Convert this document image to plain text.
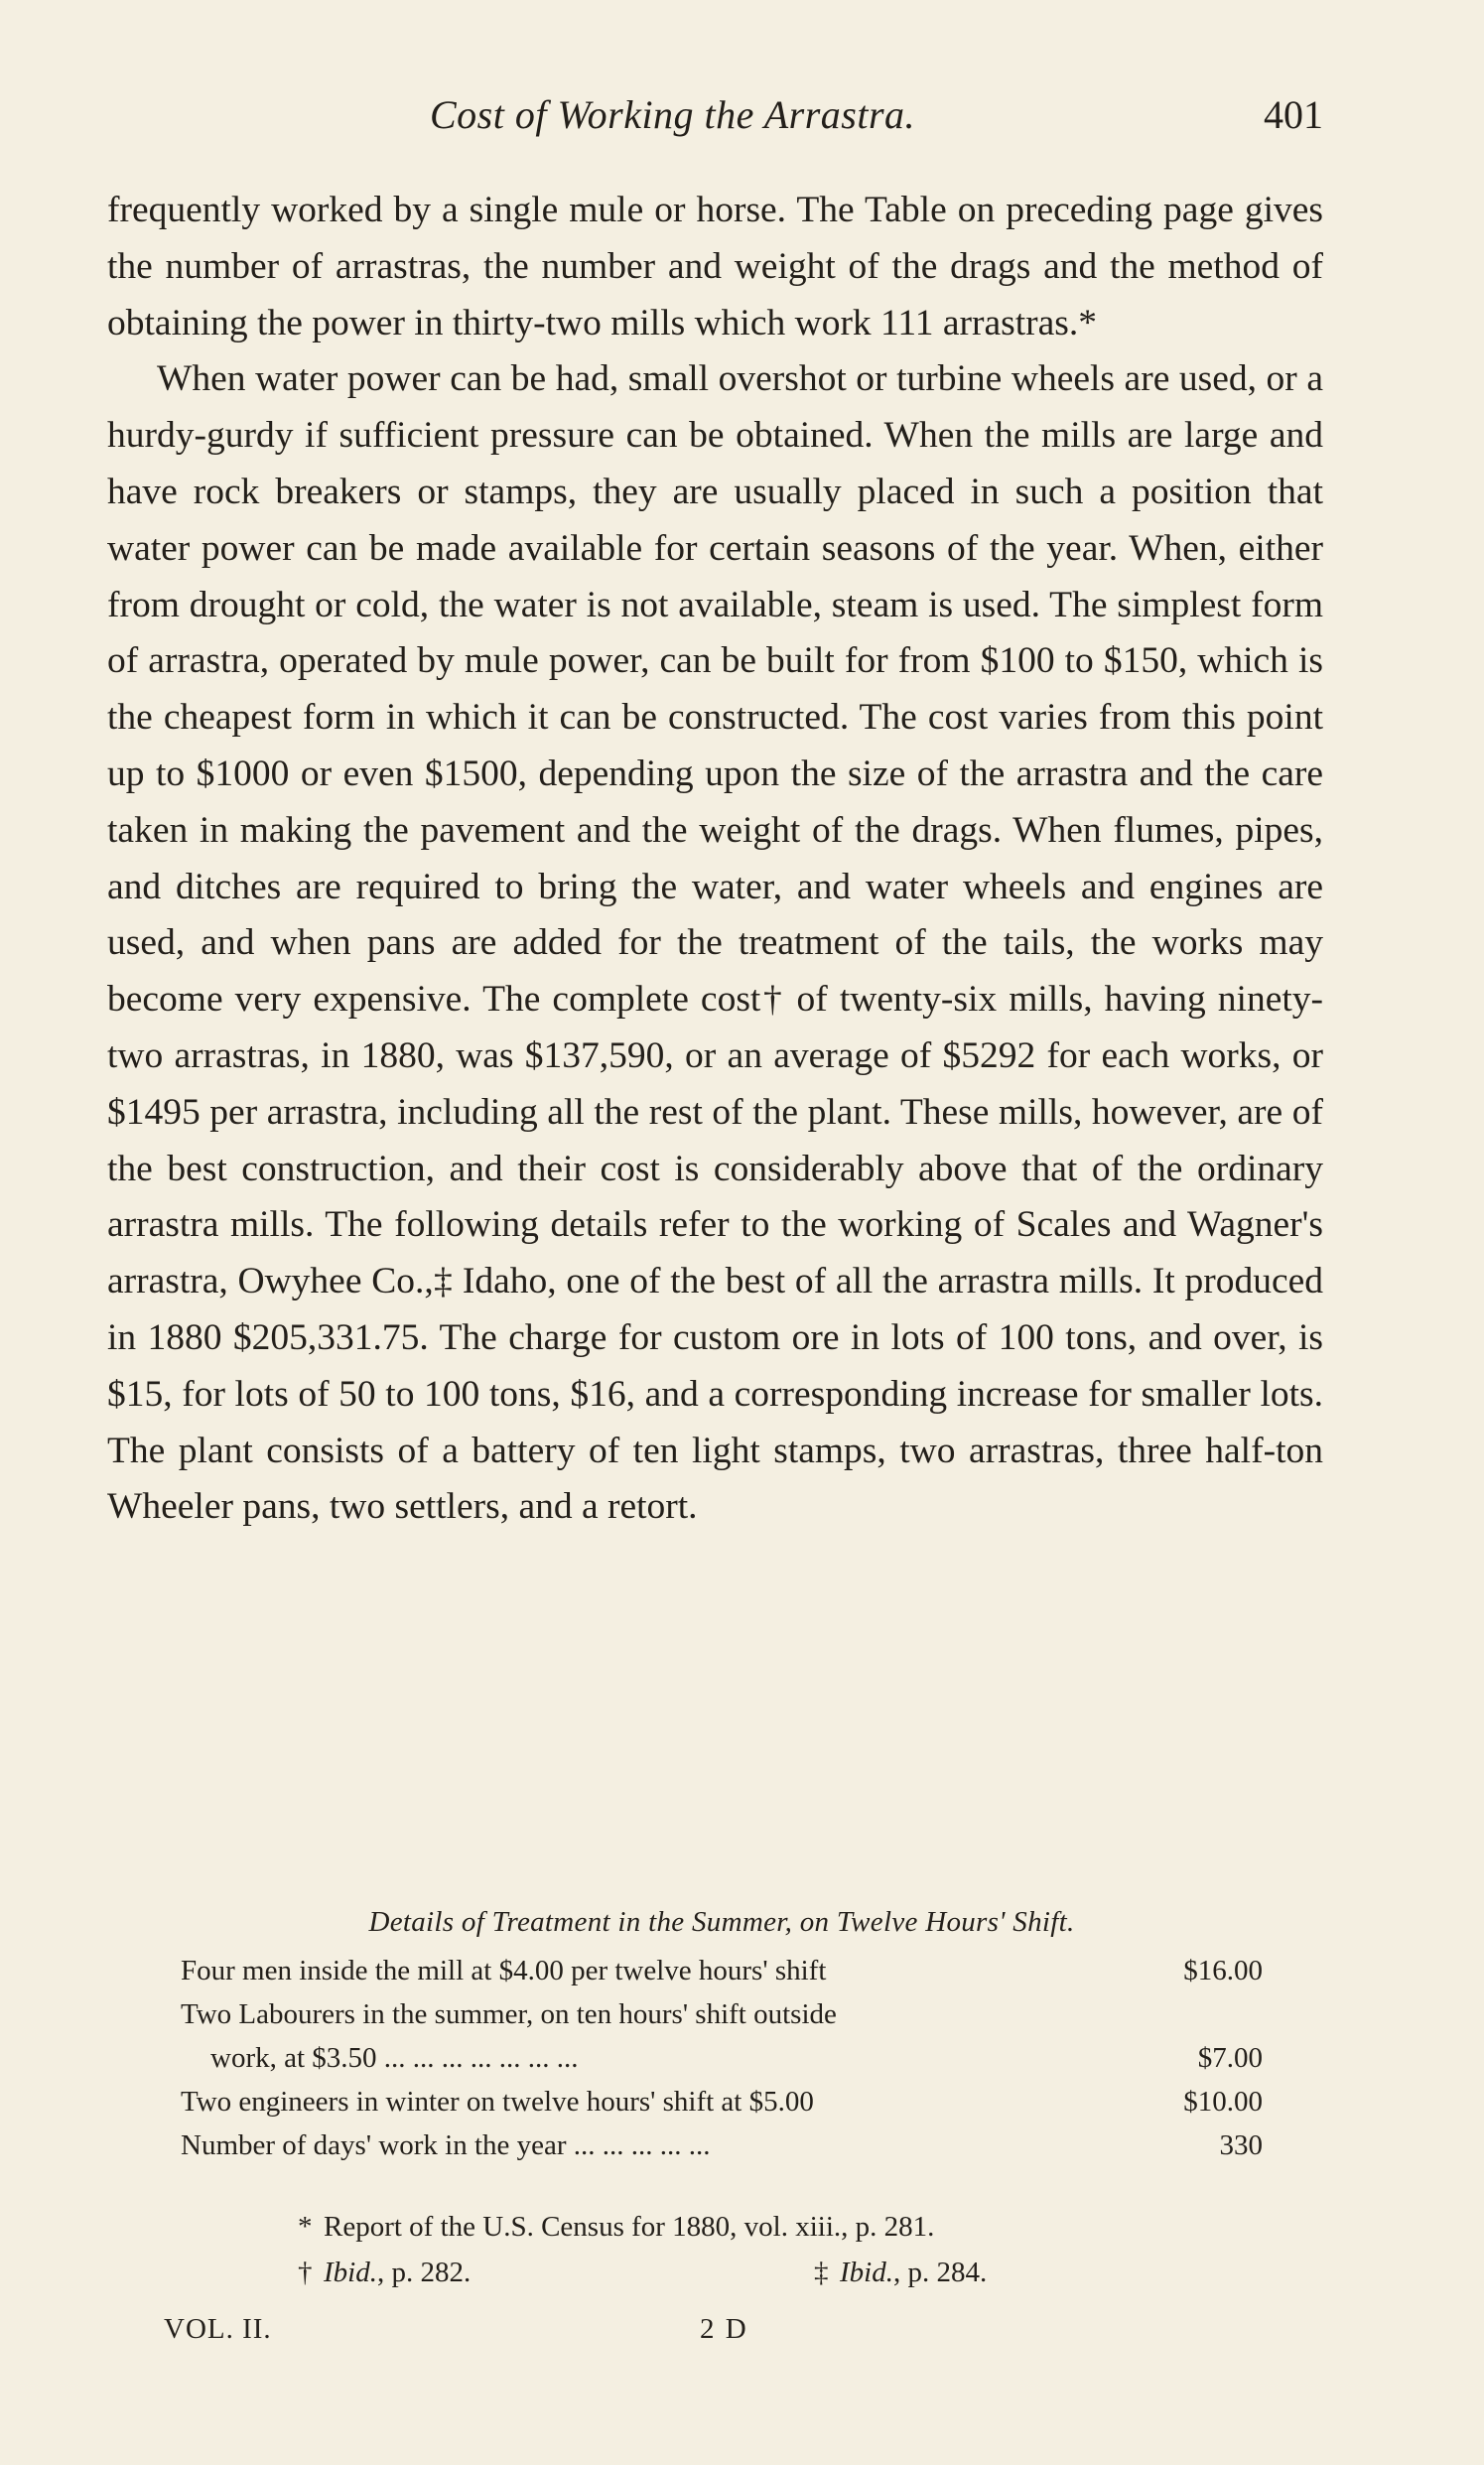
Cost of Working the Arrastra.	401

frequently worked by a single mule or horse. The Table on preceding page gives the number of arrastras, the number and weight of the drags and the method of obtaining the power in thirty-two mills which work 111 arrastras.*

When water power can be had, small overshot or turbine wheels are used, or a hurdy-gurdy if sufficient pressure can be obtained. When the mills are large and have rock breakers or stamps, they are usually placed in such a position that water power can be made available for certain seasons of the year. When, either from drought or cold, the water is not available, steam is used. The simplest form of arrastra, operated by mule power, can be built for from $100 to $150, which is the cheapest form in which it can be constructed. The cost varies from this point up to $1000 or even $1500, depending upon the size of the arrastra and the care taken in making the pavement and the weight of the drags. When flumes, pipes, and ditches are required to bring the water, and water wheels and engines are used, and when pans are added for the treatment of the tails, the works may become very expensive. The complete cost† of twenty-six mills, having ninety-two arrastras, in 1880, was $137,590, or an average of $5292 for each works, or $1495 per arrastra, including all the rest of the plant. These mills, however, are of the best construction, and their cost is considerably above that of the ordinary arrastra mills. The following details refer to the working of Scales and Wagner's arrastra, Owyhee Co.,‡ Idaho, one of the best of all the arrastra mills. It produced in 1880 $205,331.75. The charge for custom ore in lots of 100 tons, and over, is $15, for lots of 50 to 100 tons, $16, and a corresponding increase for smaller lots. The plant consists of a battery of ten light stamps, two arrastras, three half-ton Wheeler pans, two settlers, and a retort.

Details of Treatment in the Summer, on Twelve Hours' Shift.
Four men inside the mill at $4.00 per twelve hours' shift	$16.00
Two Labourers in the summer, on ten hours' shift outside
work, at $3.50 ... ... ... ... ... ... ...	$7.00
Two engineers in winter on twelve hours' shift at $5.00	$10.00
Number of days' work in the year ... ... ... ... ...	330
* Report of the U.S. Census for 1880, vol. xiii., p. 281.
† Ibid., p. 282.	‡ Ibid., p. 284.
VOL. II.	2 D
